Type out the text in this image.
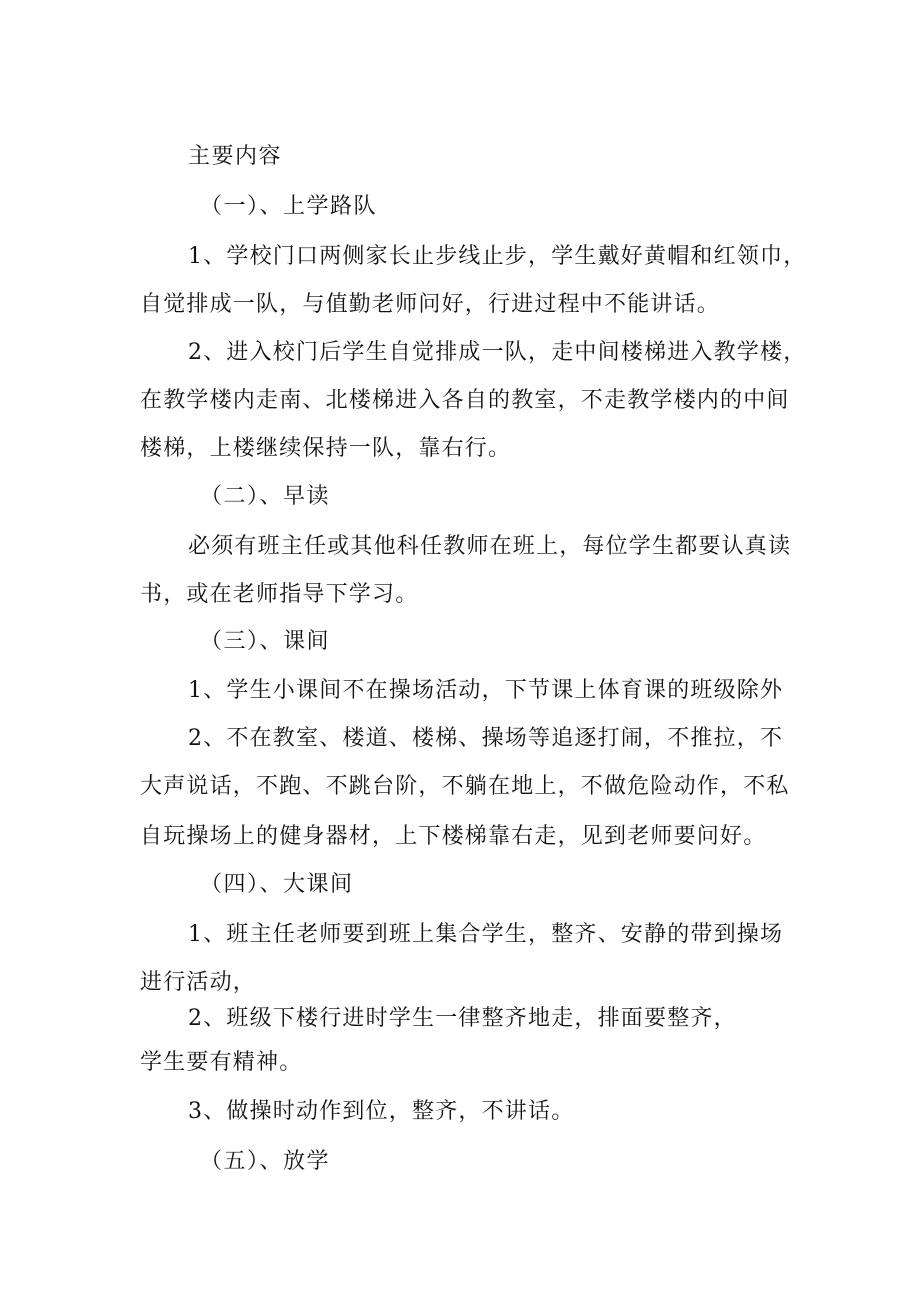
主要内容
（一）、上学路队
1、学校门口两侧家长止步线止步，学生戴好黄帽和红领巾，
自觉排成一队，与值勤老师问好，行进过程中不能讲话。
2、进入校门后学生自觉排成一队，走中间楼梯进入教学楼，
在教学楼内走南、北楼梯进入各自的教室，不走教学楼内的中间
楼梯，上楼继续保持一队，靠右行。
（二）、早读
必须有班主任或其他科任教师在班上，每位学生都要认真读
书，或在老师指导下学习。
（三）、课间
1、学生小课间不在操场活动，下节课上体育课的班级除外
2、不在教室、楼道、楼梯、操场等追逐打闹，不推拉，不
大声说话，不跑、不跳台阶，不躺在地上，不做危险动作，不私
自玩操场上的健身器材，上下楼梯靠右走，见到老师要问好。
（四）、大课间
1、班主任老师要到班上集合学生，整齐、安静的带到操场
进行活动，
2、班级下楼行进时学生一律整齐地走，排面要整齐，
学生要有精神。
3、做操时动作到位，整齐，不讲话。
（五）、放学
